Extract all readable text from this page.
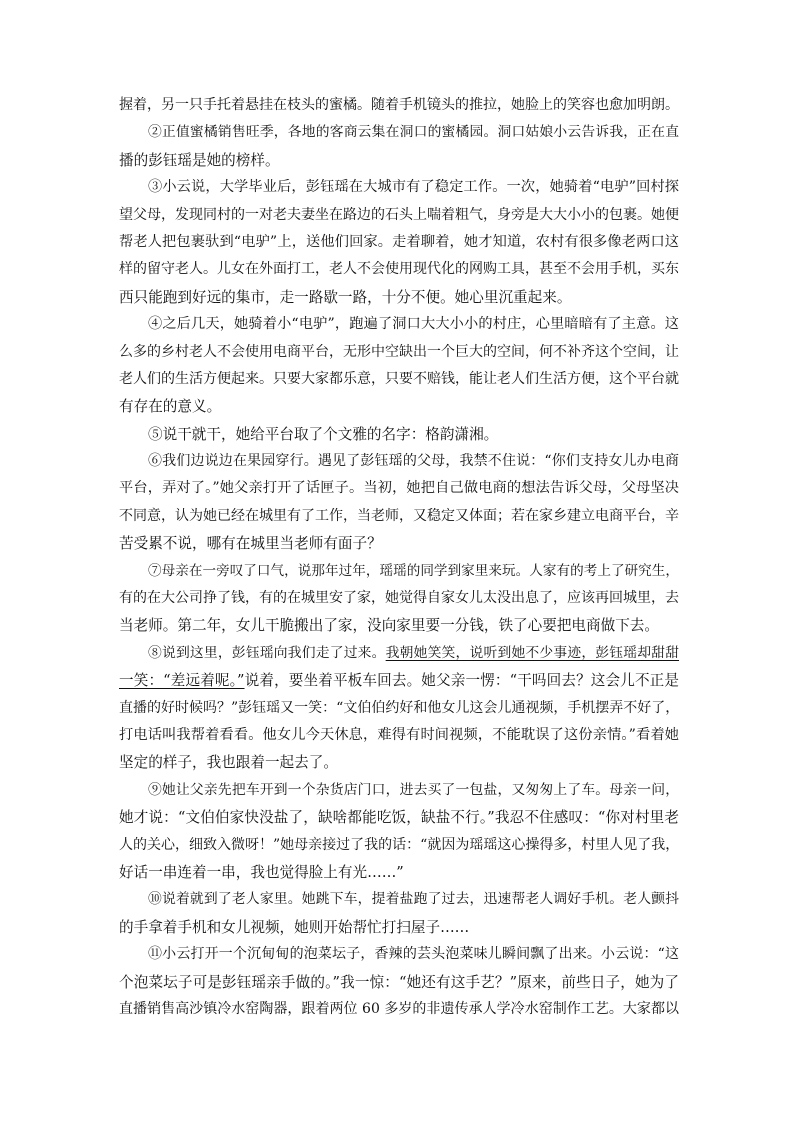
握着，另一只手托着悬挂在枝头的蜜橘。随着手机镜头的推拉，她脸上的笑容也愈加明朗。
②正值蜜橘销售旺季，各地的客商云集在洞口的蜜橘园。洞口姑娘小云告诉我，正在直
播的彭钰瑶是她的榜样。
③小云说，大学毕业后，彭钰瑶在大城市有了稳定工作。一次，她骑着“电驴”回村探
望父母，发现同村的一对老夫妻坐在路边的石头上喘着粗气，身旁是大大小小的包裹。她便
帮老人把包裹驮到“电驴”上，送他们回家。走着聊着，她才知道，农村有很多像老两口这
样的留守老人。儿女在外面打工，老人不会使用现代化的网购工具，甚至不会用手机，买东
西只能跑到好远的集市，走一路歇一路，十分不便。她心里沉重起来。
④之后几天，她骑着小“电驴”，跑遍了洞口大大小小的村庄，心里暗暗有了主意。这
么多的乡村老人不会使用电商平台，无形中空缺出一个巨大的空间，何不补齐这个空间，让
老人们的生活方便起来。只要大家都乐意，只要不赔钱，能让老人们生活方便，这个平台就
有存在的意义。
⑤说干就干，她给平台取了个文雅的名字：格韵潇湘。
⑥我们边说边在果园穿行。遇见了彭钰瑶的父母，我禁不住说：“你们支持女儿办电商
平台，弄对了。”她父亲打开了话匣子。当初，她把自己做电商的想法告诉父母，父母坚决
不同意，认为她已经在城里有了工作，当老师，又稳定又体面；若在家乡建立电商平台，辛
苦受累不说，哪有在城里当老师有面子？
⑦母亲在一旁叹了口气，说那年过年，瑶瑶的同学到家里来玩。人家有的考上了研究生，
有的在大公司挣了钱，有的在城里安了家，她觉得自家女儿太没出息了，应该再回城里，去
当老师。第二年，女儿干脆搬出了家，没向家里要一分钱，铁了心要把电商做下去。
⑧说到这里，彭钰瑶向我们走了过来。我朝她笑笑，说听到她不少事迹，彭钰瑶却甜甜
一笑：“差远着呢。”说着，要坐着平板车回去。她父亲一愣：“干吗回去？这会儿不正是
直播的好时候吗？”彭钰瑶又一笑：“文伯伯约好和他女儿这会儿通视频，手机摆弄不好了，
打电话叫我帮着看看。他女儿今天休息，难得有时间视频，不能耽误了这份亲情。”看着她
坚定的样子，我也跟着一起去了。
⑨她让父亲先把车开到一个杂货店门口，进去买了一包盐，又匆匆上了车。母亲一问，
她才说：“文伯伯家快没盐了，缺啥都能吃饭，缺盐不行。”我忍不住感叹：“你对村里老
人的关心，细致入微呀！”她母亲接过了我的话：“就因为瑶瑶这心操得多，村里人见了我，
好话一串连着一串，我也觉得脸上有光……”
⑩说着就到了老人家里。她跳下车，提着盐跑了过去，迅速帮老人调好手机。老人颤抖
的手拿着手机和女儿视频，她则开始帮忙打扫屋子……
⑪小云打开一个沉甸甸的泡菜坛子，香辣的芸头泡菜味儿瞬间飘了出来。小云说：“这
个泡菜坛子可是彭钰瑶亲手做的。”我一惊：“她还有这手艺？”原来，前些日子，她为了
直播销售高沙镇冷水窑陶器，跟着两位 60 多岁的非遗传承人学冷水窑制作工艺。大家都以
